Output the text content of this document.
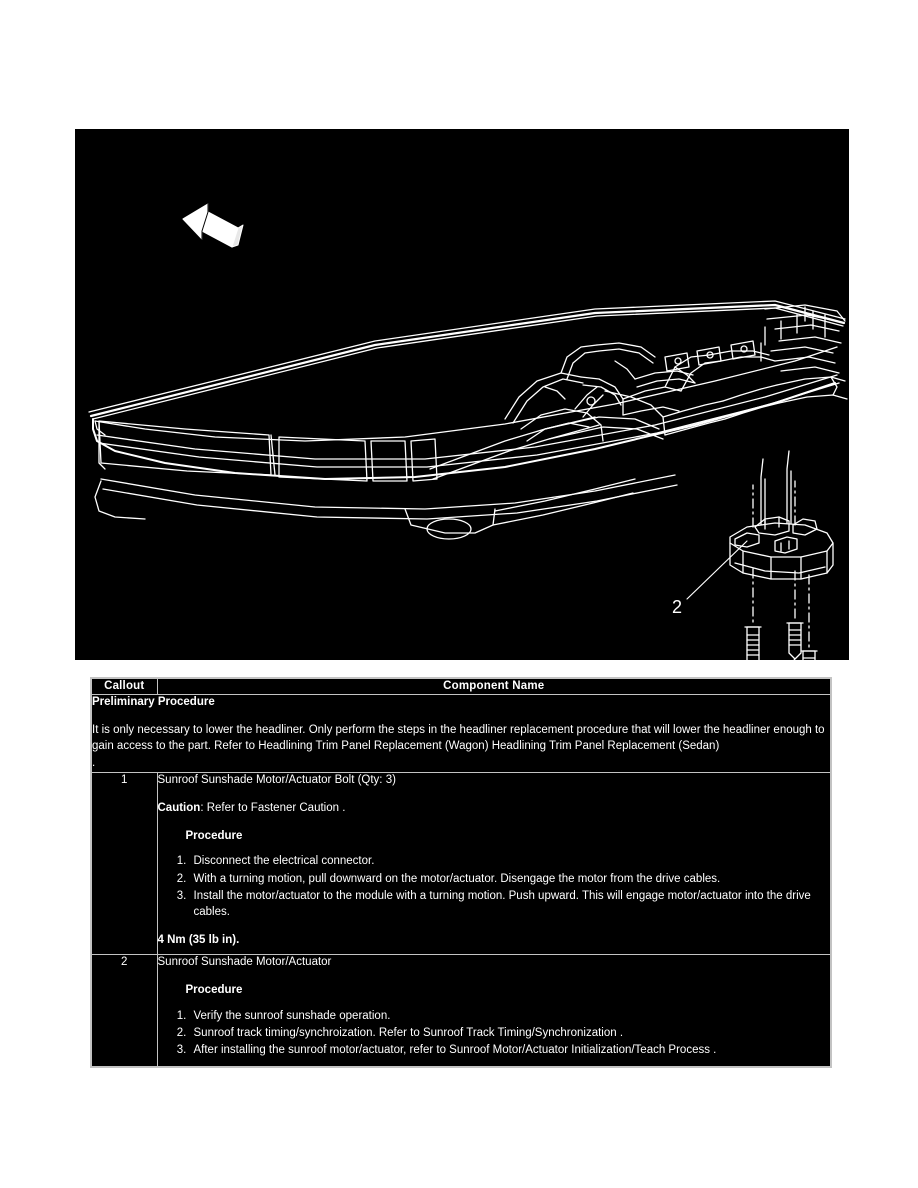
2
Callout	Component Name

Preliminary Procedure
It is only necessary to lower the headliner. Only perform the steps in the headliner replacement procedure that will lower the headliner enough to gain access to the part. Refer to Headlining Trim Panel Replacement (Wagon) Headlining Trim Panel Replacement (Sedan)
.	

1	Sunroof Sunshade Motor/Actuator Bolt (Qty: 3)
Caution: Refer to Fastener Caution .
Procedure
1. Disconnect the electrical connector.
2. With a turning motion, pull downward on the motor/actuator. Disengage the motor from the drive cables.
3. Install the motor/actuator to the module with a turning motion. Push upward. This will engage motor/actuator into the drive cables.
4 Nm (35 lb in).

2	Sunroof Sunshade Motor/Actuator
Procedure
1. Verify the sunroof sunshade operation.
2. Sunroof track timing/synchroization. Refer to Sunroof Track Timing/Synchronization .
3. After installing the sunroof motor/actuator, refer to Sunroof Motor/Actuator Initialization/Teach Process .
